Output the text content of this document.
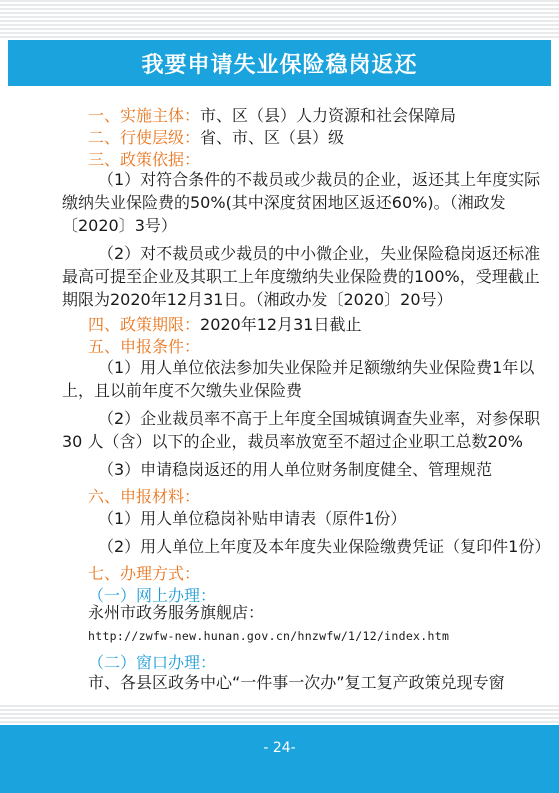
我要申请失业保险稳岗返还
一、实施主体：市、区（县）人力资源和社会保障局
二、行使层级：省、市、区（县）级
三、政策依据：
（1）对符合条件的不裁员或少裁员的企业，返还其上年度实际
缴纳失业保险费的50%(其中深度贫困地区返还60%)。（湘政发
〔2020〕3号）
（2）对不裁员或少裁员的中小微企业，失业保险稳岗返还标准
最高可提至企业及其职工上年度缴纳失业保险费的100%，受理截止
期限为2020年12月31日。（湘政办发〔2020〕20号）
四、政策期限：2020年12月31日截止
五、申报条件：
（1）用人单位依法参加失业保险并足额缴纳失业保险费1年以
上，且以前年度不欠缴失业保险费
（2）企业裁员率不高于上年度全国城镇调查失业率，对参保职
30 人（含）以下的企业，裁员率放宽至不超过企业职工总数20%
（3）申请稳岗返还的用人单位财务制度健全、管理规范
六、申报材料：
（1）用人单位稳岗补贴申请表（原件1份）
（2）用人单位上年度及本年度失业保险缴费凭证（复印件1份）
七、办理方式：
（一）网上办理：
永州市政务服务旗舰店：
http://zwfw-new.hunan.gov.cn/hnzwfw/1/12/index.htm
（二）窗口办理：
市、各县区政务中心“一件事一次办”复工复产政策兑现专窗
- 24-
